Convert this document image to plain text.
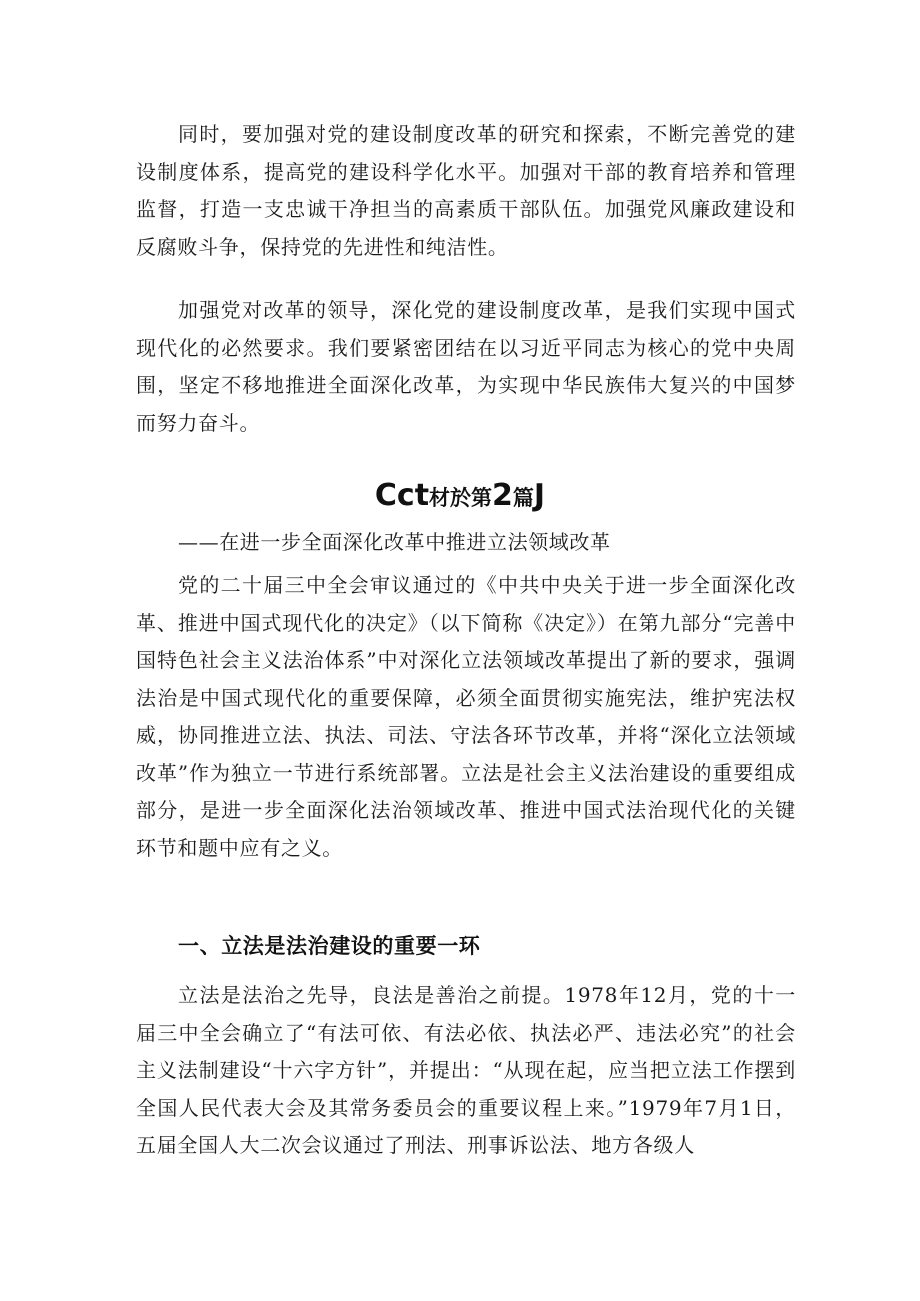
同时，要加强对党的建设制度改革的研究和探索，不断完善党的建设制度体系，提高党的建设科学化水平。加强对干部的教育培养和管理监督，打造一支忠诚干净担当的高素质干部队伍。加强党风廉政建设和反腐败斗争，保持党的先进性和纯洁性。

加强党对改革的领导，深化党的建设制度改革，是我们实现中国式现代化的必然要求。我们要紧密团结在以习近平同志为核心的党中央周围，坚定不移地推进全面深化改革，为实现中华民族伟大复兴的中国梦而努力奋斗。

Cct材於第2篇J

——在进一步全面深化改革中推进立法领域改革

党的二十届三中全会审议通过的《中共中央关于进一步全面深化改革、推进中国式现代化的决定》（以下简称《决定》）在第九部分“完善中国特色社会主义法治体系”中对深化立法领域改革提出了新的要求，强调法治是中国式现代化的重要保障，必须全面贯彻实施宪法，维护宪法权威，协同推进立法、执法、司法、守法各环节改革，并将“深化立法领域改革”作为独立一节进行系统部署。立法是社会主义法治建设的重要组成部分，是进一步全面深化法治领域改革、推进中国式法治现代化的关键环节和题中应有之义。

一、立法是法治建设的重要一环

立法是法治之先导，良法是善治之前提。1978年12月，党的十一届三中全会确立了“有法可依、有法必依、执法必严、违法必究”的社会主义法制建设“十六字方针”，并提出：“从现在起，应当把立法工作摆到全国人民代表大会及其常务委员会的重要议程上来。”1979年7月1日，五届全国人大二次会议通过了刑法、刑事诉讼法、地方各级人
